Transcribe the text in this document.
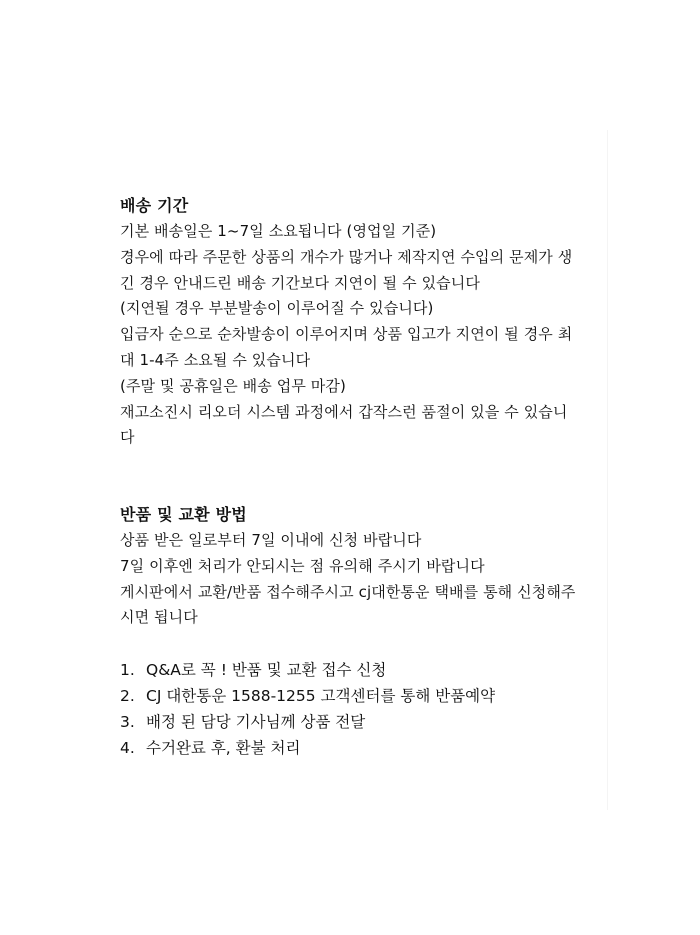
배송 기간

기본 배송일은 1~7일 소요됩니다 (영업일 기준)

경우에 따라 주문한 상품의 개수가 많거나 제작지연 수입의 문제가 생

긴 경우 안내드린 배송 기간보다 지연이 될 수 있습니다

(지연될 경우 부분발송이 이루어질 수 있습니다)

입금자 순으로 순차발송이 이루어지며 상품 입고가 지연이 될 경우 최

대 1-4주 소요될 수 있습니다

(주말 및 공휴일은 배송 업무 마감)

재고소진시 리오더 시스템 과정에서 갑작스런 품절이 있을 수 있습니

다

반품 및 교환 방법

상품 받은 일로부터 7일 이내에 신청 바랍니다

7일 이후엔 처리가 안되시는 점 유의해 주시기 바랍니다

게시판에서 교환/반품 접수해주시고 cj대한통운 택배를 통해 신청해주

시면 됩니다

1. Q&A로 꼭 ! 반품 및 교환 접수 신청

2. CJ 대한통운 1588-1255 고객센터를 통해 반품예약

3. 배정 된 담당 기사님께 상품 전달

4. 수거완료 후, 환불 처리
